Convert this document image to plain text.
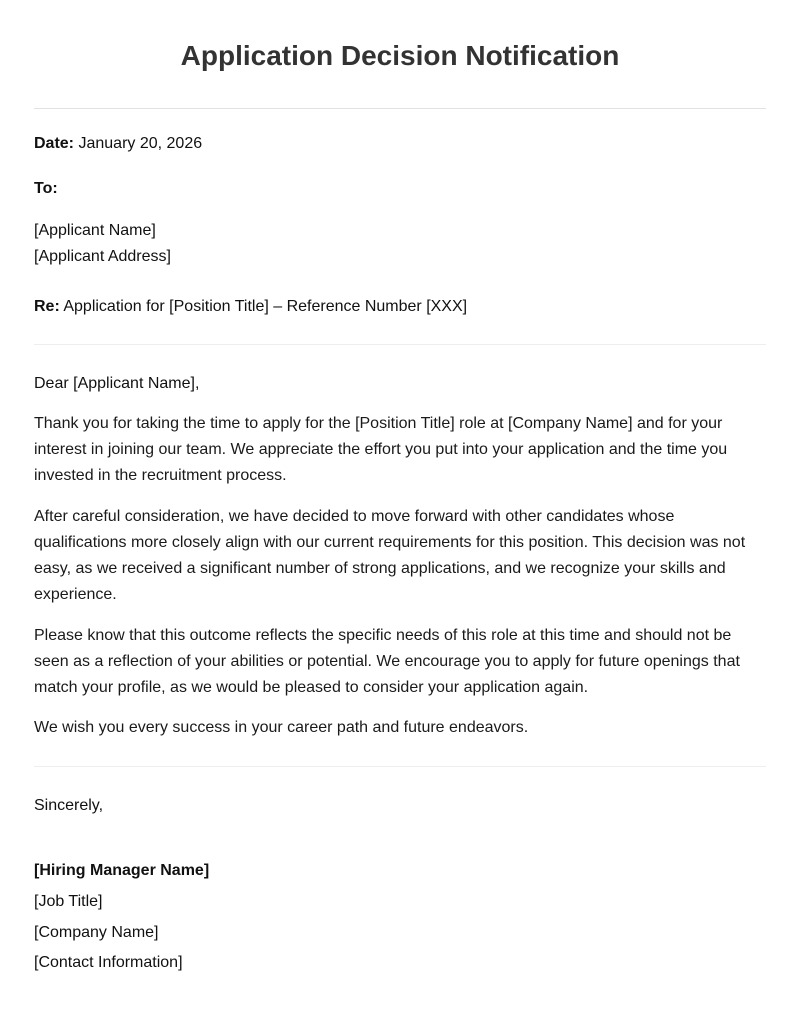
Application Decision Notification

Date: January 20, 2026

To:

[Applicant Name]

[Applicant Address]

Re: Application for [Position Title] – Reference Number [XXX]

Dear [Applicant Name],

Thank you for taking the time to apply for the [Position Title] role at [Company Name] and for your interest in joining our team. We appreciate the effort you put into your application and the time you invested in the recruitment process.

After careful consideration, we have decided to move forward with other candidates whose qualifications more closely align with our current requirements for this position. This decision was not easy, as we received a significant number of strong applications, and we recognize your skills and experience.

Please know that this outcome reflects the specific needs of this role at this time and should not be seen as a reflection of your abilities or potential. We encourage you to apply for future openings that match your profile, as we would be pleased to consider your application again.

We wish you every success in your career path and future endeavors.

Sincerely,

[Hiring Manager Name]

[Job Title]

[Company Name]

[Contact Information]
